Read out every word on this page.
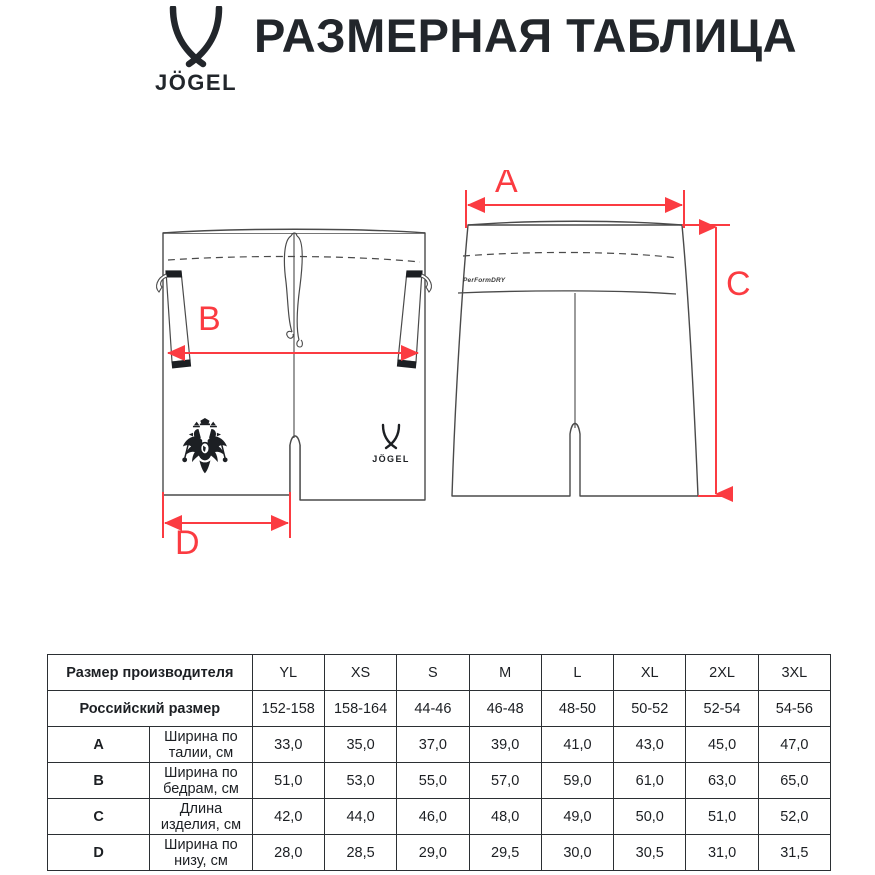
JÖGEL
РАЗМЕРНАЯ ТАБЛИЦА
JÖGEL
B
D
PerFormDRY
A
C
Размер производителя		YL	XS	S	M	L	XL	2XL	3XL
Российский размер		152-158	158-164	44-46	46-48	48-50	50-52	52-54	54-56
A	Ширина по талии, см	33,0	35,0	37,0	39,0	41,0	43,0	45,0	47,0
B	Ширина по бедрам, см	51,0	53,0	55,0	57,0	59,0	61,0	63,0	65,0
C	Длина изделия, см	42,0	44,0	46,0	48,0	49,0	50,0	51,0	52,0
D	Ширина по низу, см	28,0	28,5	29,0	29,5	30,0	30,5	31,0	31,5
